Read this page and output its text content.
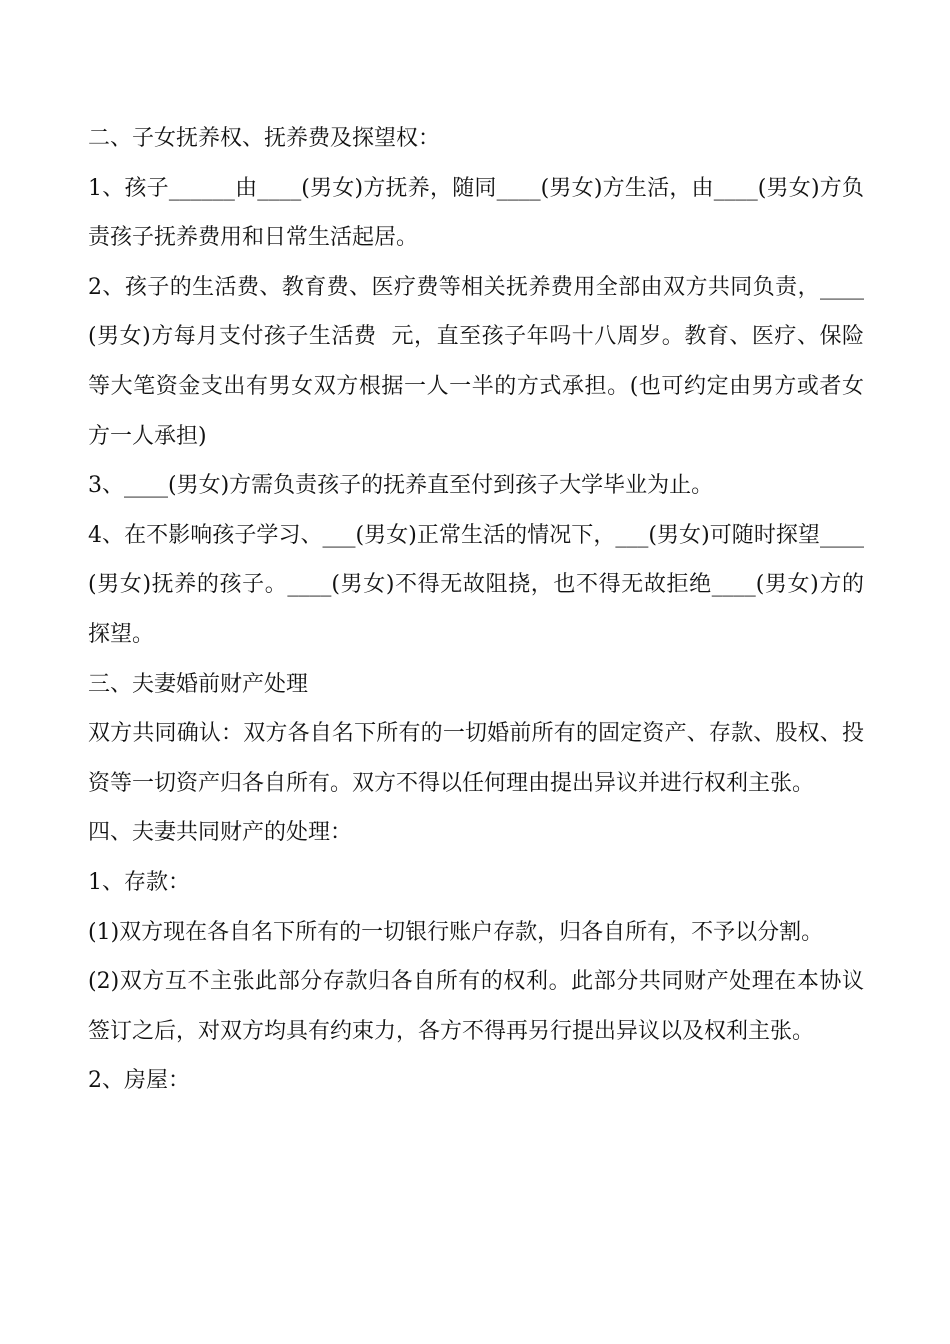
二、子女抚养权、抚养费及探望权：

1、孩子______由____(男女)方抚养，随同____(男女)方生活，由____(男女)方负责孩子抚养费用和日常生活起居。

2、孩子的生活费、教育费、医疗费等相关抚养费用全部由双方共同负责，____(男女)方每月支付孩子生活费  元，直至孩子年吗十八周岁。教育、医疗、保险等大笔资金支出有男女双方根据一人一半的方式承担。(也可约定由男方或者女方一人承担)

3、____(男女)方需负责孩子的抚养直至付到孩子大学毕业为止。

4、在不影响孩子学习、___(男女)正常生活的情况下，___(男女)可随时探望____(男女)抚养的孩子。____(男女)不得无故阻挠，也不得无故拒绝____(男女)方的探望。

三、夫妻婚前财产处理

双方共同确认：双方各自名下所有的一切婚前所有的固定资产、存款、股权、投资等一切资产归各自所有。双方不得以任何理由提出异议并进行权利主张。

四、夫妻共同财产的处理：

1、存款：

(1)双方现在各自名下所有的一切银行账户存款，归各自所有，不予以分割。

(2)双方互不主张此部分存款归各自所有的权利。此部分共同财产处理在本协议签订之后，对双方均具有约束力，各方不得再另行提出异议以及权利主张。

2、房屋：
